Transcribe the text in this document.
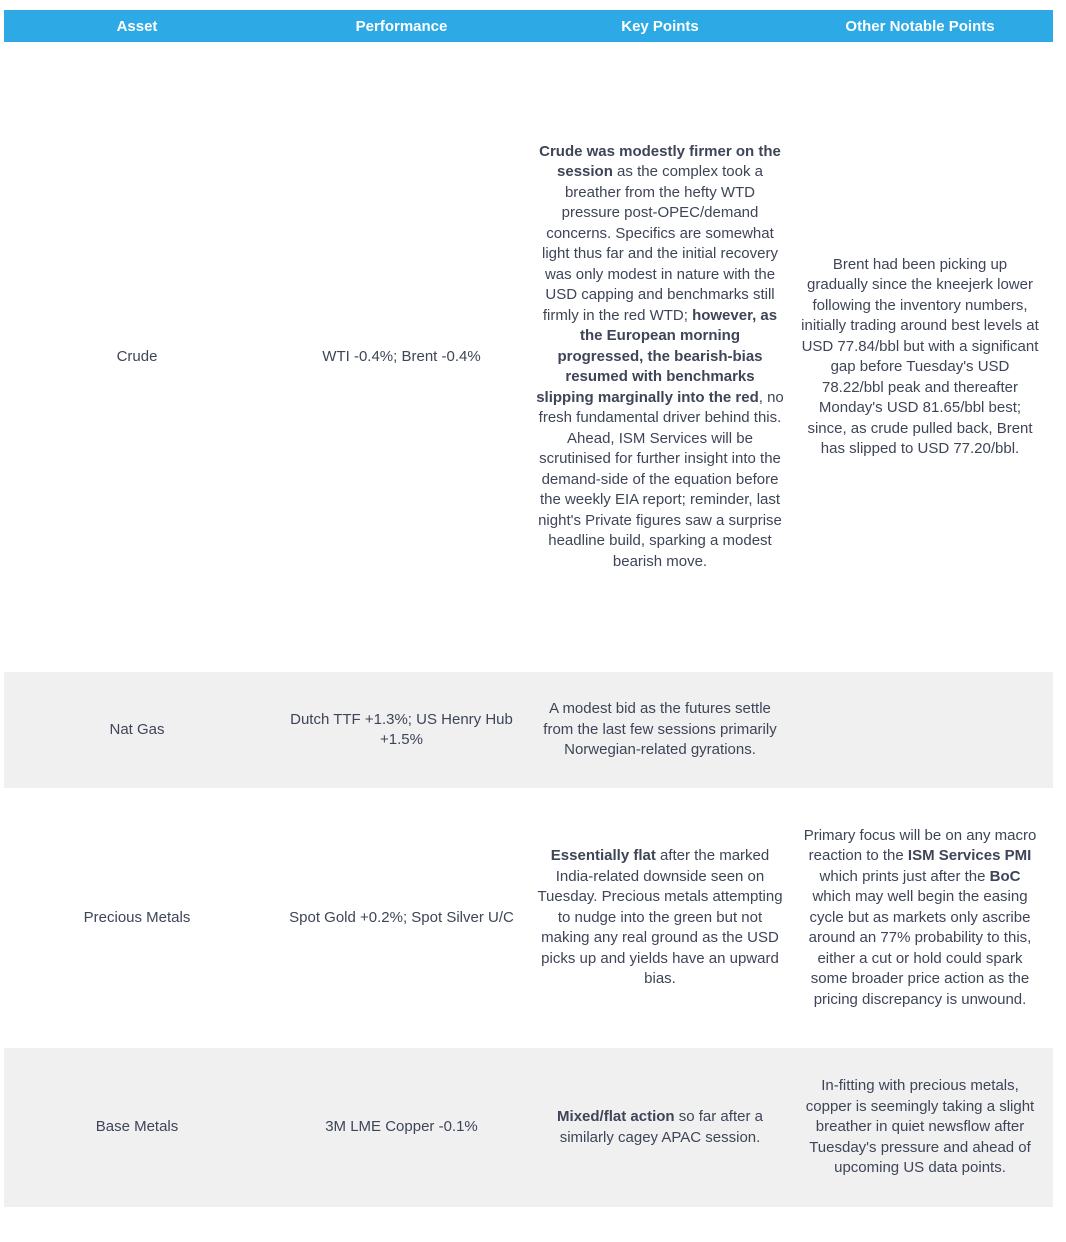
Asset	Performance	Key Points	Other Notable Points
Crude	WTI -0.4%; Brent -0.4%	Crude was modestly firmer on the session as the complex took a breather from the hefty WTD pressure post-OPEC/demand concerns. Specifics are somewhat light thus far and the initial recovery was only modest in nature with the USD capping and benchmarks still firmly in the red WTD; however, as the European morning progressed, the bearish-bias resumed with benchmarks slipping marginally into the red, no fresh fundamental driver behind this. Ahead, ISM Services will be scrutinised for further insight into the demand-side of the equation before the weekly EIA report; reminder, last night's Private figures saw a surprise headline build, sparking a modest bearish move.	Brent had been picking up gradually since the kneejerk lower following the inventory numbers, initially trading around best levels at USD 77.84/bbl but with a significant gap before Tuesday's USD 78.22/bbl peak and thereafter Monday's USD 81.65/bbl best; since, as crude pulled back, Brent has slipped to USD 77.20/bbl.
Nat Gas	Dutch TTF +1.3%; US Henry Hub +1.5%	A modest bid as the futures settle from the last few sessions primarily Norwegian-related gyrations.	
Precious Metals	Spot Gold +0.2%; Spot Silver U/C	Essentially flat after the marked India-related downside seen on Tuesday. Precious metals attempting to nudge into the green but not making any real ground as the USD picks up and yields have an upward bias.	Primary focus will be on any macro reaction to the ISM Services PMI which prints just after the BoC which may well begin the easing cycle but as markets only ascribe around an 77% probability to this, either a cut or hold could spark some broader price action as the pricing discrepancy is unwound.
Base Metals	3M LME Copper -0.1%	Mixed/flat action so far after a similarly cagey APAC session.	In-fitting with precious metals, copper is seemingly taking a slight breather in quiet newsflow after Tuesday's pressure and ahead of upcoming US data points.
